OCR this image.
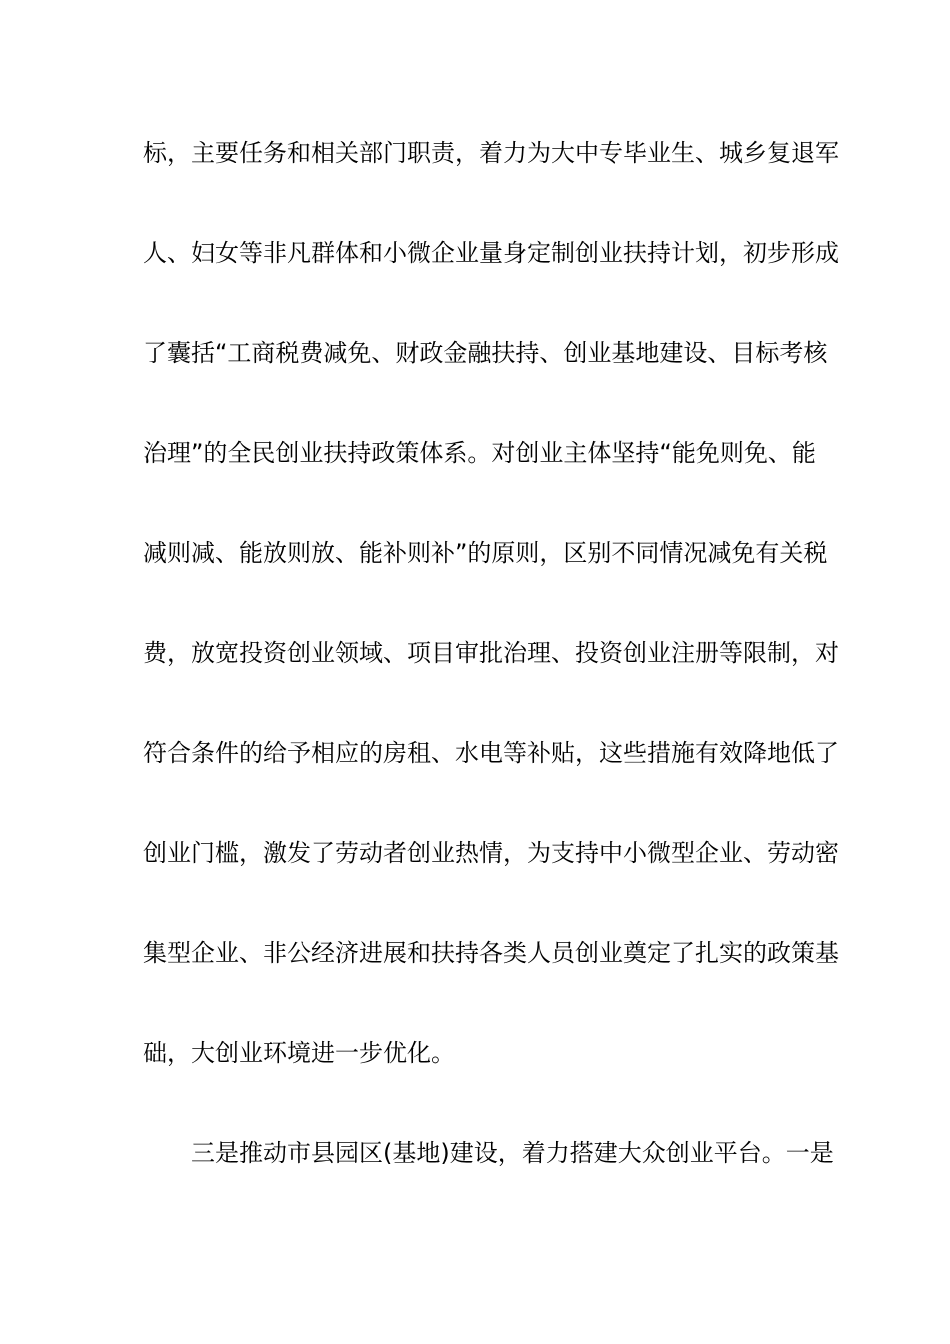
标，主要任务和相关部门职责，着力为大中专毕业生、城乡复退军
人、妇女等非凡群体和小微企业量身定制创业扶持计划，初步形成
了囊括“工商税费减免、财政金融扶持、创业基地建设、目标考核
治理”的全民创业扶持政策体系。对创业主体坚持“能免则免、能
减则减、能放则放、能补则补”的原则，区别不同情况减免有关税
费，放宽投资创业领域、项目审批治理、投资创业注册等限制，对
符合条件的给予相应的房租、水电等补贴，这些措施有效降地低了
创业门槛，激发了劳动者创业热情，为支持中小微型企业、劳动密
集型企业、非公经济进展和扶持各类人员创业奠定了扎实的政策基
础，大创业环境进一步优化。
三是推动市县园区(基地)建设，着力搭建大众创业平台。一是
